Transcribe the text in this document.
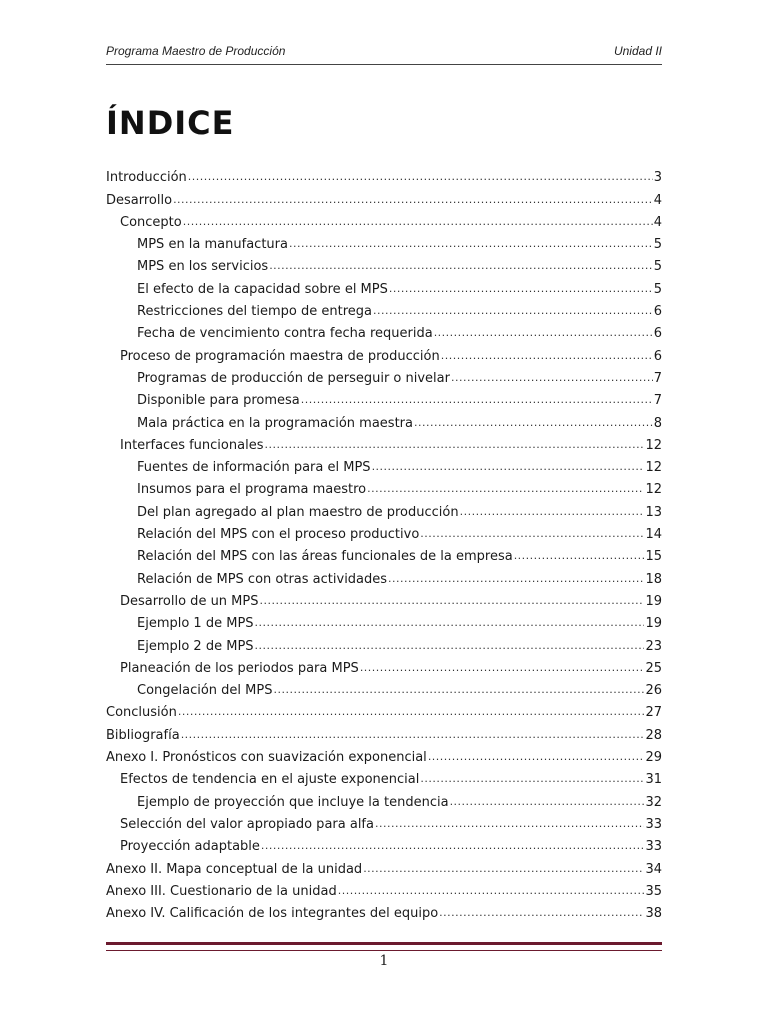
Programa Maestro de Producción	Unidad II
ÍNDICE
Introducción .....	3
Desarrollo .....	4
Concepto .....	4
MPS en la manufactura .....	5
MPS en los servicios .....	5
El efecto de la capacidad sobre el MPS .....	5
Restricciones del tiempo de entrega .....	6
Fecha de vencimiento contra fecha requerida .....	6
Proceso de programación maestra de producción .....	6
Programas de producción de perseguir o nivelar .....	7
Disponible para promesa .....	7
Mala práctica en la programación maestra .....	8
Interfaces funcionales .....	12
Fuentes de información para el MPS .....	12
Insumos para el programa maestro .....	12
Del plan agregado al plan maestro de producción .....	13
Relación del MPS con el proceso productivo .....	14
Relación del MPS con las áreas funcionales de la empresa .....	15
Relación de MPS con otras actividades .....	18
Desarrollo de un MPS .....	19
Ejemplo 1 de MPS .....	19
Ejemplo 2 de MPS .....	23
Planeación de los periodos para MPS .....	25
Congelación del MPS .....	26
Conclusión .....	27
Bibliografía .....	28
Anexo I. Pronósticos con suavización exponencial .....	29
Efectos de tendencia en el ajuste exponencial .....	31
Ejemplo de proyección que incluye la tendencia .....	32
Selección del valor apropiado para alfa .....	33
Proyección adaptable .....	33
Anexo II. Mapa conceptual de la unidad .....	34
Anexo III. Cuestionario de la unidad .....	35
Anexo IV. Calificación de los integrantes del equipo .....	38
1
